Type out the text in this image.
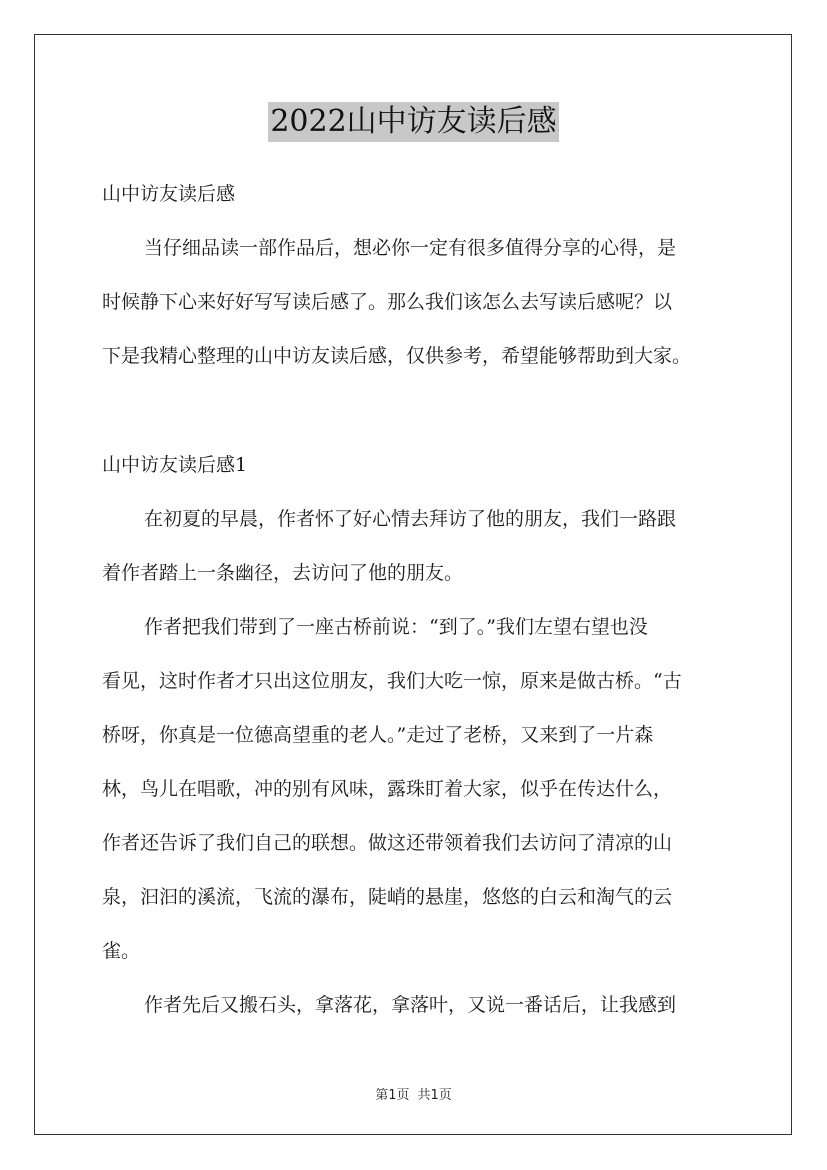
2022山中访友读后感
山中访友读后感
当仔细品读一部作品后，想必你一定有很多值得分享的心得，是
时候静下心来好好写写读后感了。那么我们该怎么去写读后感呢？以
下是我精心整理的山中访友读后感，仅供参考，希望能够帮助到大家。
山中访友读后感1
在初夏的早晨，作者怀了好心情去拜访了他的朋友，我们一路跟
着作者踏上一条幽径，去访问了他的朋友。
作者把我们带到了一座古桥前说：“到了。”我们左望右望也没
看见，这时作者才只出这位朋友，我们大吃一惊，原来是做古桥。“古
桥呀，你真是一位德高望重的老人。”走过了老桥，又来到了一片森
林，鸟儿在唱歌，冲的别有风味，露珠盯着大家，似乎在传达什么，
作者还告诉了我们自己的联想。做这还带领着我们去访问了清凉的山
泉，汩汩的溪流，飞流的瀑布，陡峭的悬崖，悠悠的白云和淘气的云
雀。
作者先后又搬石头，拿落花，拿落叶，又说一番话后，让我感到
第1页 共1页
